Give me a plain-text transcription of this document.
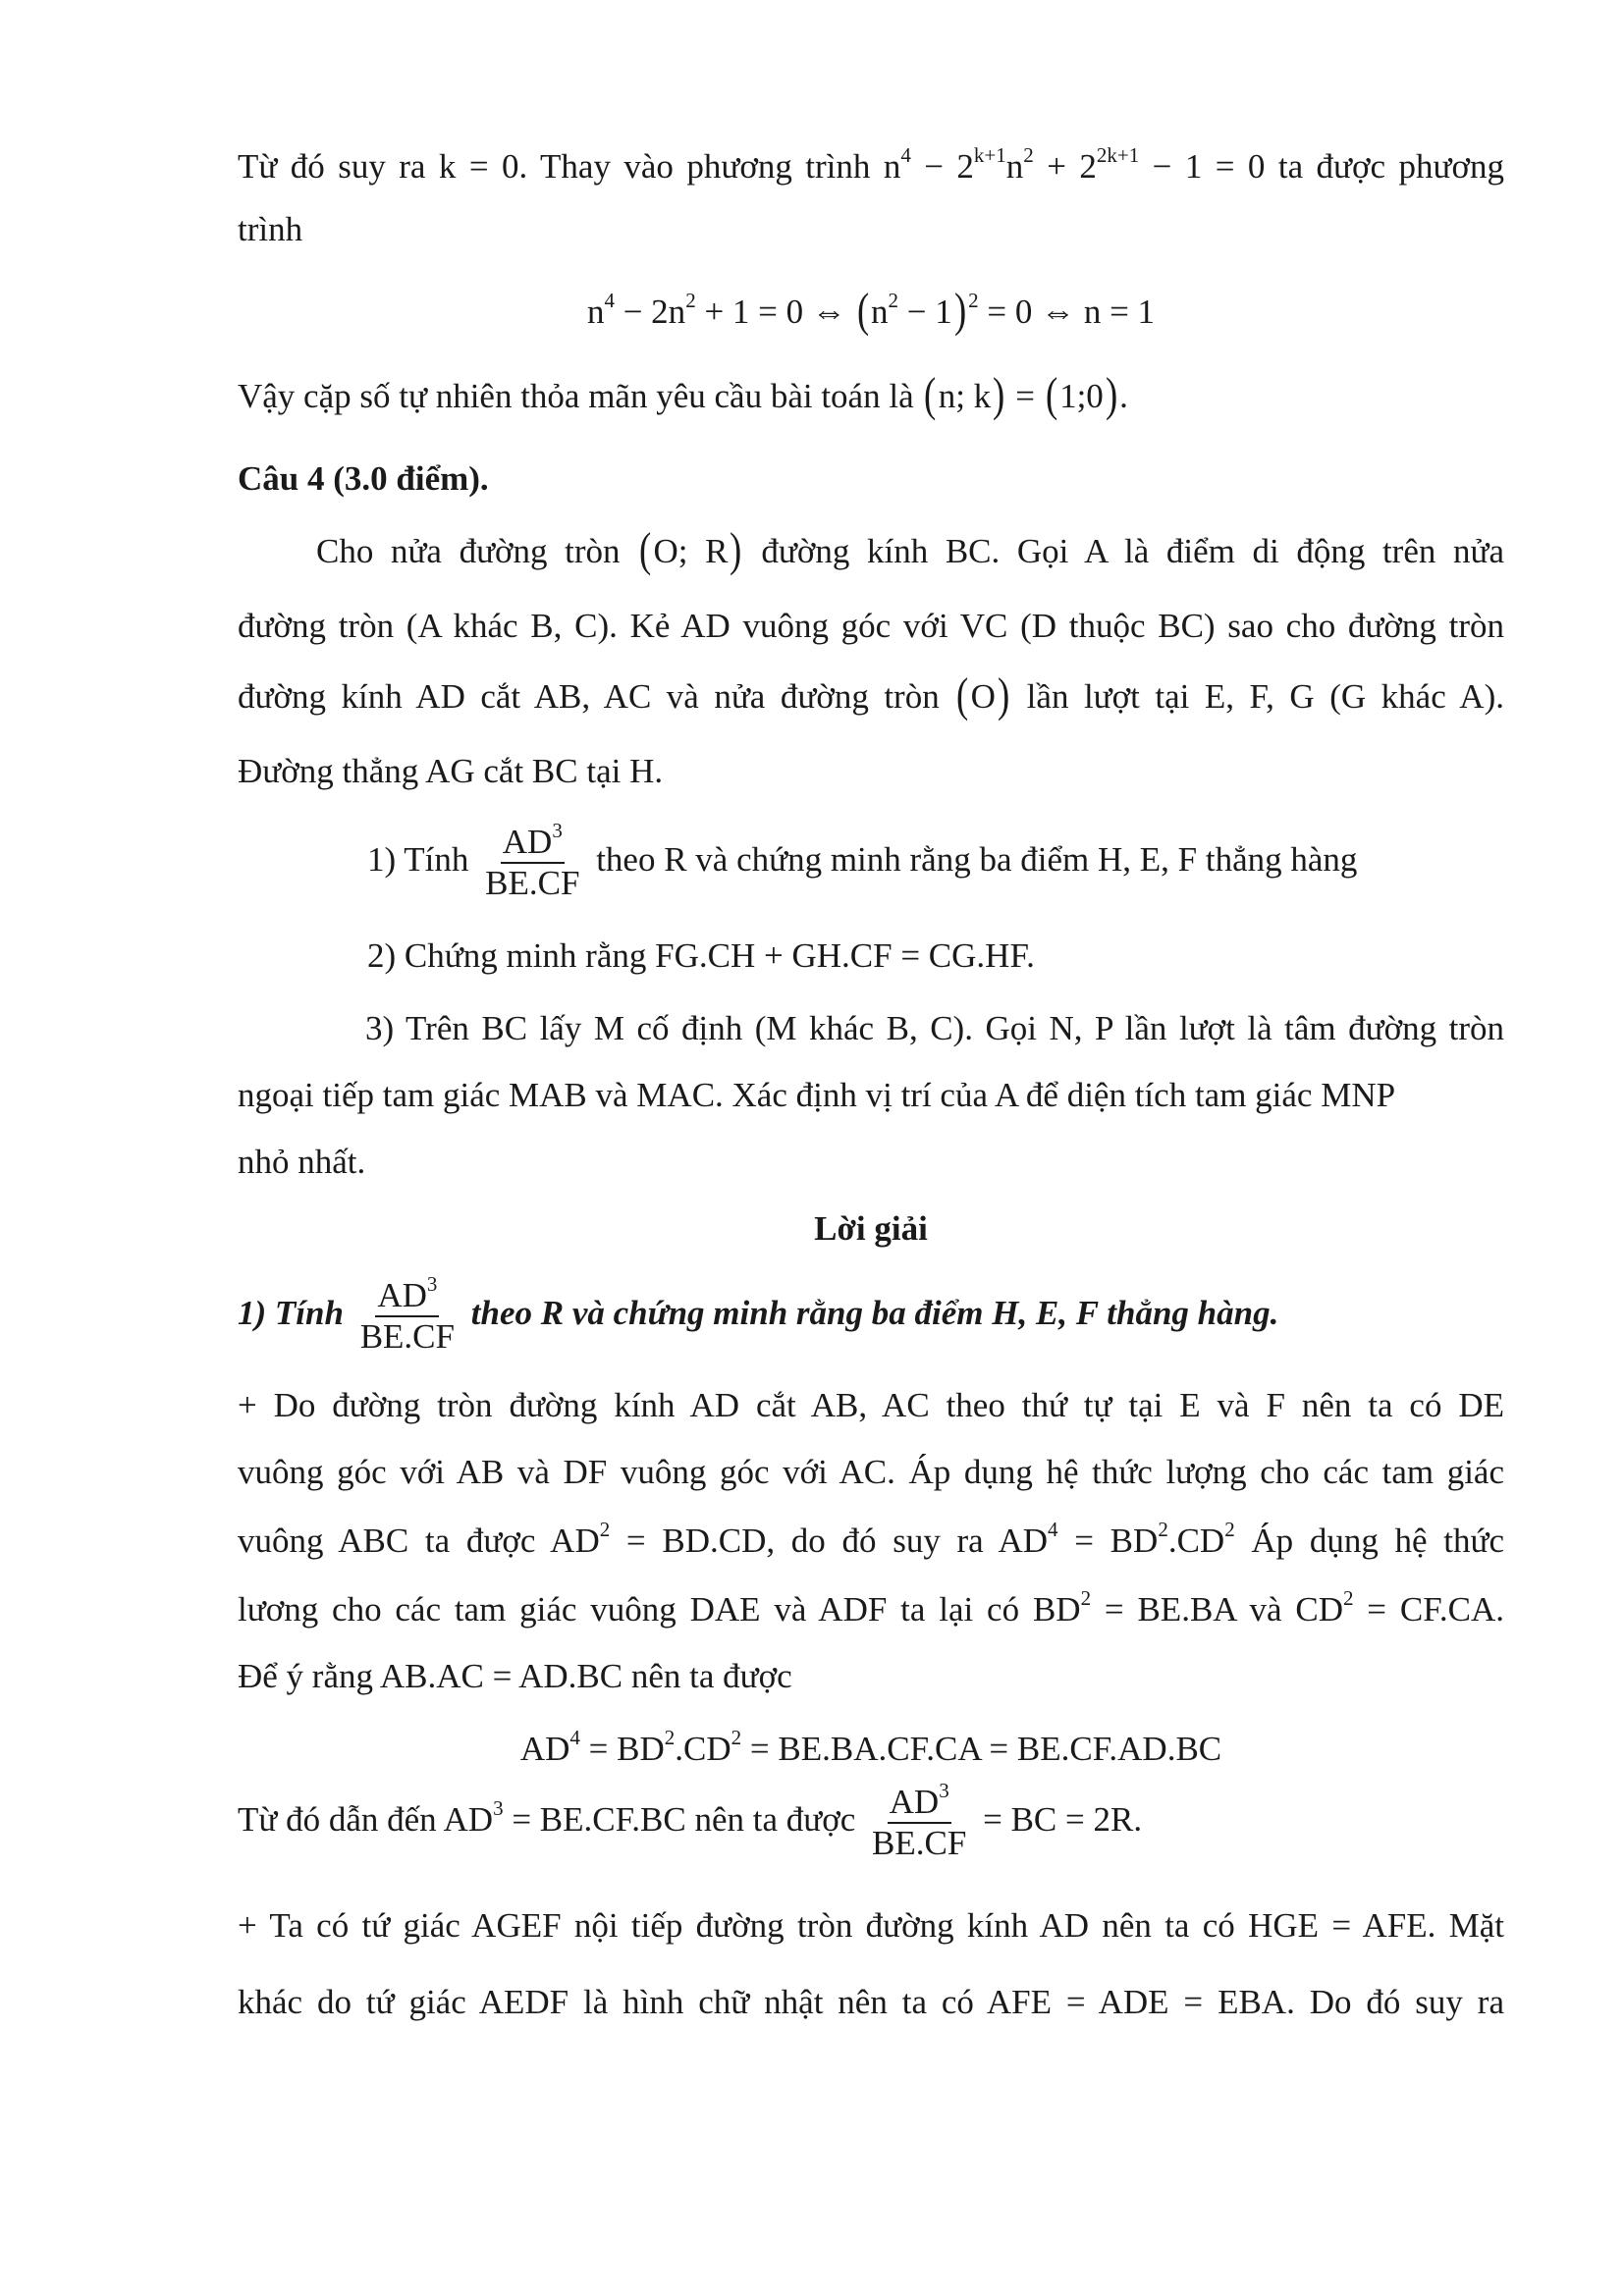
Từ đó suy ra k = 0. Thay vào phương trình $n^4 - 2^{k+1}n^2 + 2^{2k+1} - 1 = 0$ ta được phương
trình
$n^4 - 2n^2 + 1 = 0$ ⇔ $(n^2 - 1)^2 = 0$ ⇔ n = 1
Vậy cặp số tự nhiên thỏa mãn yêu cầu bài toán là (n; k) = (1;0).
Câu 4 (3.0 điểm).
Cho nửa đường tròn (O; R) đường kính BC. Gọi A là điểm di động trên nửa
đường tròn (A khác B, C). Kẻ AD vuông góc với VC (D thuộc BC) sao cho đường tròn
đường kính AD cắt AB, AC và nửa đường tròn (O) lần lượt tại E, F, G (G khác A).
Đường thẳng AG cắt BC tại H.
1) Tính $\frac{AD^3}{BE.CF}$ theo R và chứng minh rằng ba điểm H, E, F thẳng hàng
2) Chứng minh rằng FG.CH + GH.CF = CG.HF.
3) Trên BC lấy M cố định (M khác B, C). Gọi N, P lần lượt là tâm đường tròn
ngoại tiếp tam giác MAB và MAC. Xác định vị trí của A để diện tích tam giác MNP
nhỏ nhất.
Lời giải
1) Tính $\frac{AD^3}{BE.CF}$ theo R và chứng minh rằng ba điểm H, E, F thẳng hàng.
+ Do đường tròn đường kính AD cắt AB, AC theo thứ tự tại E và F nên ta có DE
vuông góc với AB và DF vuông góc với AC. Áp dụng hệ thức lượng cho các tam giác
vuông ABC ta được $AD^2 = BD.CD$, do đó suy ra $AD^4 = BD^2.CD^2$ Áp dụng hệ thức
lương cho các tam giác vuông DAE và ADF ta lại có $BD^2 = BE.BA$ và $CD^2 = CF.CA$.
Để ý rằng AB.AC = AD.BC nên ta được
$AD^4 = BD^2.CD^2 = BE.BA.CF.CA = BE.CF.AD.BC$
Từ đó dẫn đến $AD^3 = BE.CF.BC$ nên ta được $\frac{AD^3}{BE.CF}$ = BC = 2R.
+ Ta có tứ giác AGEF nội tiếp đường tròn đường kính AD nên ta có HGE = AFE. Mặt
khác do tứ giác AEDF là hình chữ nhật nên ta có AFE = ADE = EBA. Do đó suy ra
